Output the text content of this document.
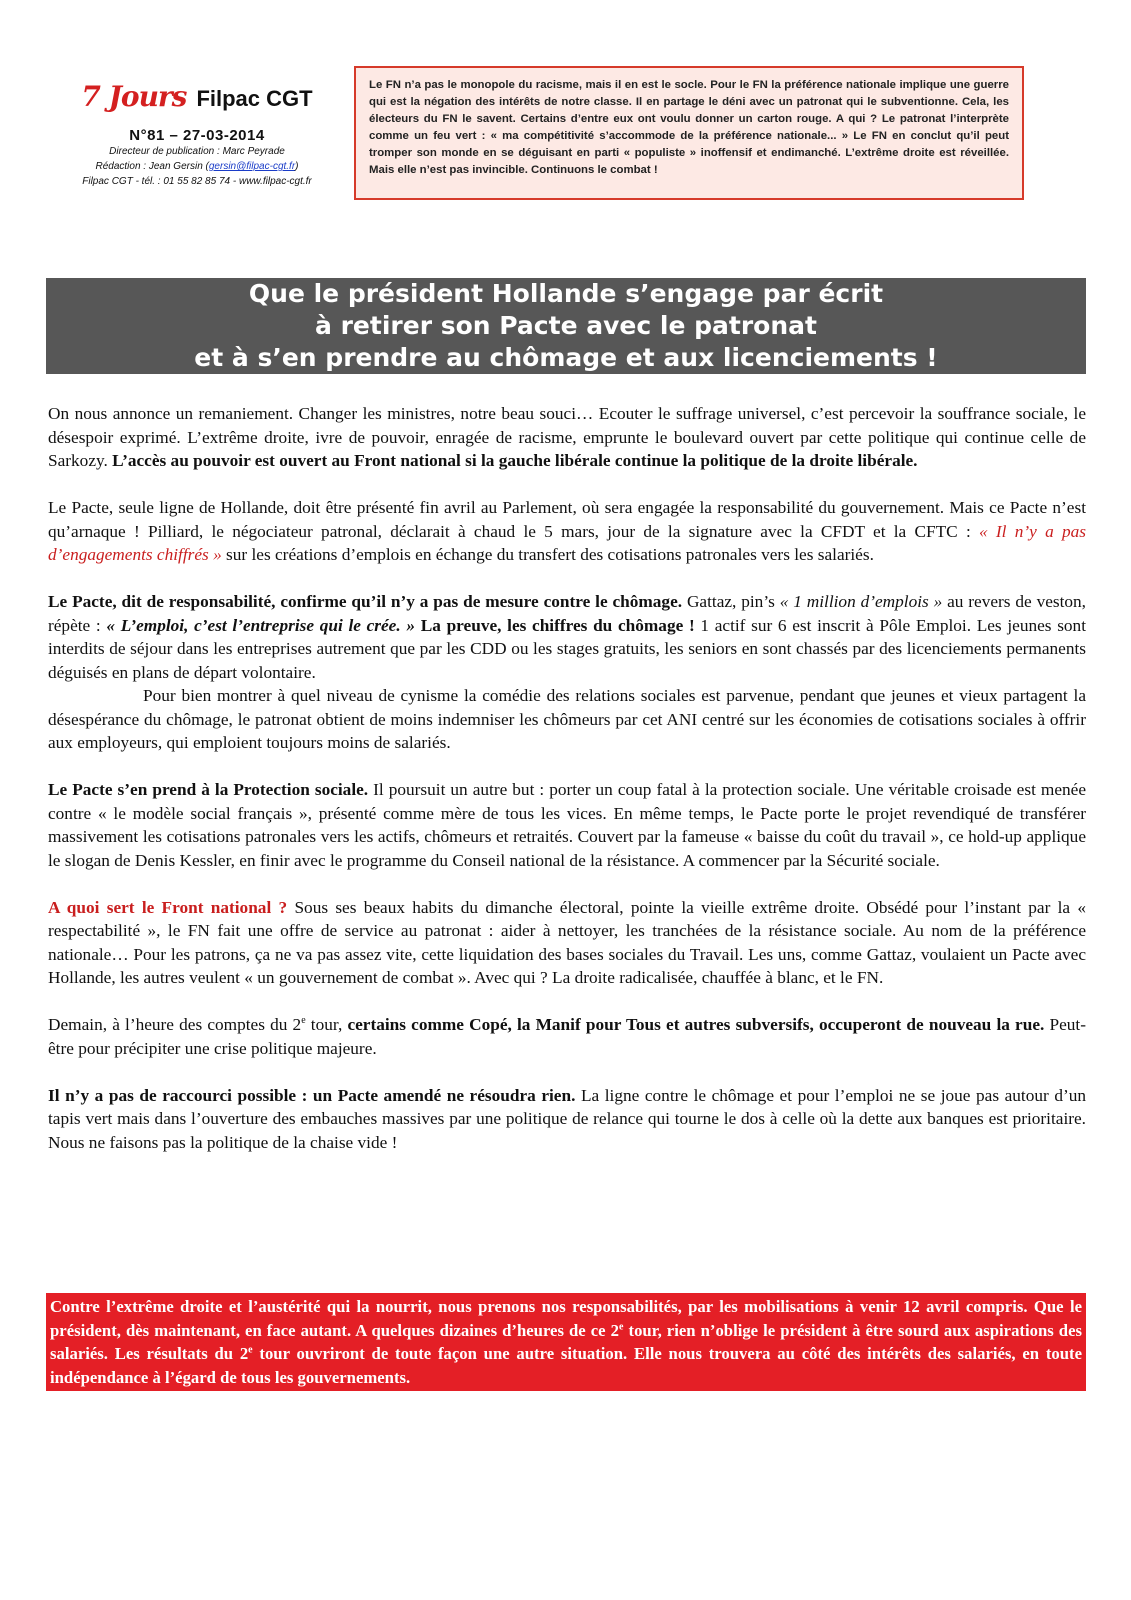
7 Jours Filpac CGT
N°81 – 27-03-2014
Directeur de publication : Marc Peyrade
Rédaction : Jean Gersin (gersin@filpac-cgt.fr)
Filpac CGT - tél. : 01 55 82 85 74 - www.filpac-cgt.fr
Le FN n’a pas le monopole du racisme, mais il en est le socle. Pour le FN la préférence nationale implique une guerre qui est la négation des intérêts de notre classe. Il en partage le déni avec un patronat qui le subventionne. Cela, les électeurs du FN le savent. Certains d’entre eux ont voulu donner un carton rouge. A qui ? Le patronat l’interprète comme un feu vert : « ma compétitivité s’accommode de la préférence nationale... » Le FN en conclut qu’il peut tromper son monde en se déguisant en parti « populiste » inoffensif et endimanché. L’extrême droite est réveillée. Mais elle n’est pas invincible. Continuons le combat !
Que le président Hollande s’engage par écrit
à retirer son Pacte avec le patronat
et à s’en prendre au chômage et aux licenciements !

On nous annonce un remaniement. Changer les ministres, notre beau souci… Ecouter le suffrage universel, c’est percevoir la souffrance sociale, le désespoir exprimé. L’extrême droite, ivre de pouvoir, enragée de racisme, emprunte le boulevard ouvert par cette politique qui continue celle de Sarkozy. L’accès au pouvoir est ouvert au Front national si la gauche libérale continue la politique de la droite libérale.

Le Pacte, seule ligne de Hollande, doit être présenté fin avril au Parlement, où sera engagée la responsabilité du gouvernement. Mais ce Pacte n’est qu’arnaque ! Pilliard, le négociateur patronal, déclarait à chaud le 5 mars, jour de la signature avec la CFDT et la CFTC : « Il n’y a pas d’engagements chiffrés » sur les créations d’emplois en échange du transfert des cotisations patronales vers les salariés.

Le Pacte, dit de responsabilité, confirme qu’il n’y a pas de mesure contre le chômage. Gattaz, pin’s « 1 million d’emplois » au revers de veston, répète : « L’emploi, c’est l’entreprise qui le crée. » La preuve, les chiffres du chômage ! 1 actif sur 6 est inscrit à Pôle Emploi. Les jeunes sont interdits de séjour dans les entreprises autrement que par les CDD ou les stages gratuits, les seniors en sont chassés par des licenciements permanents déguisés en plans de départ volontaire.

Pour bien montrer à quel niveau de cynisme la comédie des relations sociales est parvenue, pendant que jeunes et vieux partagent la désespérance du chômage, le patronat obtient de moins indemniser les chômeurs par cet ANI centré sur les économies de cotisations sociales à offrir aux employeurs, qui emploient toujours moins de salariés.

Le Pacte s’en prend à la Protection sociale. Il poursuit un autre but : porter un coup fatal à la protection sociale. Une véritable croisade est menée contre « le modèle social français », présenté comme mère de tous les vices. En même temps, le Pacte porte le projet revendiqué de transférer massivement les cotisations patronales vers les actifs, chômeurs et retraités. Couvert par la fameuse « baisse du coût du travail », ce hold-up applique le slogan de Denis Kessler, en finir avec le programme du Conseil national de la résistance. A commencer par la Sécurité sociale.

A quoi sert le Front national ? Sous ses beaux habits du dimanche électoral, pointe la vieille extrême droite. Obsédé pour l’instant par la « respectabilité », le FN fait une offre de service au patronat : aider à nettoyer, les tranchées de la résistance sociale. Au nom de la préférence nationale… Pour les patrons, ça ne va pas assez vite, cette liquidation des bases sociales du Travail. Les uns, comme Gattaz, voulaient un Pacte avec Hollande, les autres veulent « un gouvernement de combat ». Avec qui ? La droite radicalisée, chauffée à blanc, et le FN.

Demain, à l’heure des comptes du 2e tour, certains comme Copé, la Manif pour Tous et autres subversifs, occuperont de nouveau la rue. Peut-être pour précipiter une crise politique majeure.

Il n’y a pas de raccourci possible : un Pacte amendé ne résoudra rien. La ligne contre le chômage et pour l’emploi ne se joue pas autour d’un tapis vert mais dans l’ouverture des embauches massives par une politique de relance qui tourne le dos à celle où la dette aux banques est prioritaire. Nous ne faisons pas la politique de la chaise vide !

Contre l’extrême droite et l’austérité qui la nourrit, nous prenons nos responsabilités, par les mobilisations à venir 12 avril compris. Que le président, dès maintenant, en face autant. A quelques dizaines d’heures de ce 2e tour, rien n’oblige le président à être sourd aux aspirations des salariés. Les résultats du 2e tour ouvriront de toute façon une autre situation. Elle nous trouvera au côté des intérêts des salariés, en toute indépendance à l’égard de tous les gouvernements.
